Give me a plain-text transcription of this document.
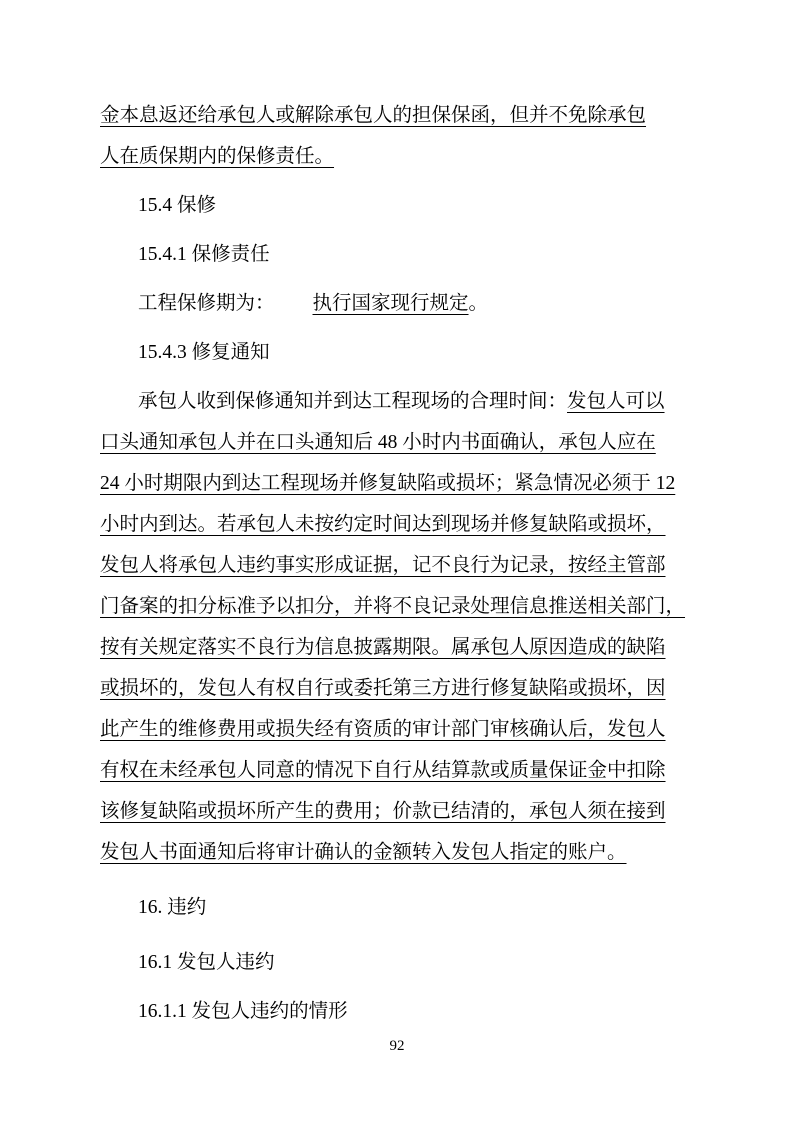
金本息返还给承包人或解除承包人的担保保函，但并不免除承包

人在质保期内的保修责任。

15.4 保修

15.4.1 保修责任

工程保修期为：执行国家现行规定。

15.4.3 修复通知

承包人收到保修通知并到达工程现场的合理时间：发包人可以

口头通知承包人并在口头通知后 48 小时内书面确认，承包人应在

24 小时期限内到达工程现场并修复缺陷或损坏；紧急情况必须于 12

小时内到达。若承包人未按约定时间达到现场并修复缺陷或损坏，

发包人将承包人违约事实形成证据，记不良行为记录，按经主管部

门备案的扣分标准予以扣分，并将不良记录处理信息推送相关部门，

按有关规定落实不良行为信息披露期限。属承包人原因造成的缺陷

或损坏的，发包人有权自行或委托第三方进行修复缺陷或损坏，因

此产生的维修费用或损失经有资质的审计部门审核确认后，发包人

有权在未经承包人同意的情况下自行从结算款或质量保证金中扣除

该修复缺陷或损坏所产生的费用；价款已结清的，承包人须在接到

发包人书面通知后将审计确认的金额转入发包人指定的账户。

16. 违约

16.1 发包人违约

16.1.1 发包人违约的情形

92
